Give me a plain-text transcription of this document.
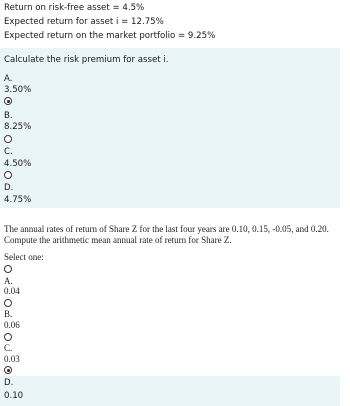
Return on risk-free asset = 4.5%
Expected return for asset i = 12.75%
Expected return on the market portfolio = 9.25%
Calculate the risk premium for asset i.
A.
3.50%
B.
8.25%
C.
4.50%
D.
4.75%
The annual rates of return of Share Z for the last four years are 0.10, 0.15, -0.05, and 0.20.
Compute the arithmetic mean annual rate of return for Share Z.
Select one:
A.
0.04
B.
0.06
C.
0.03
D.
0.10
